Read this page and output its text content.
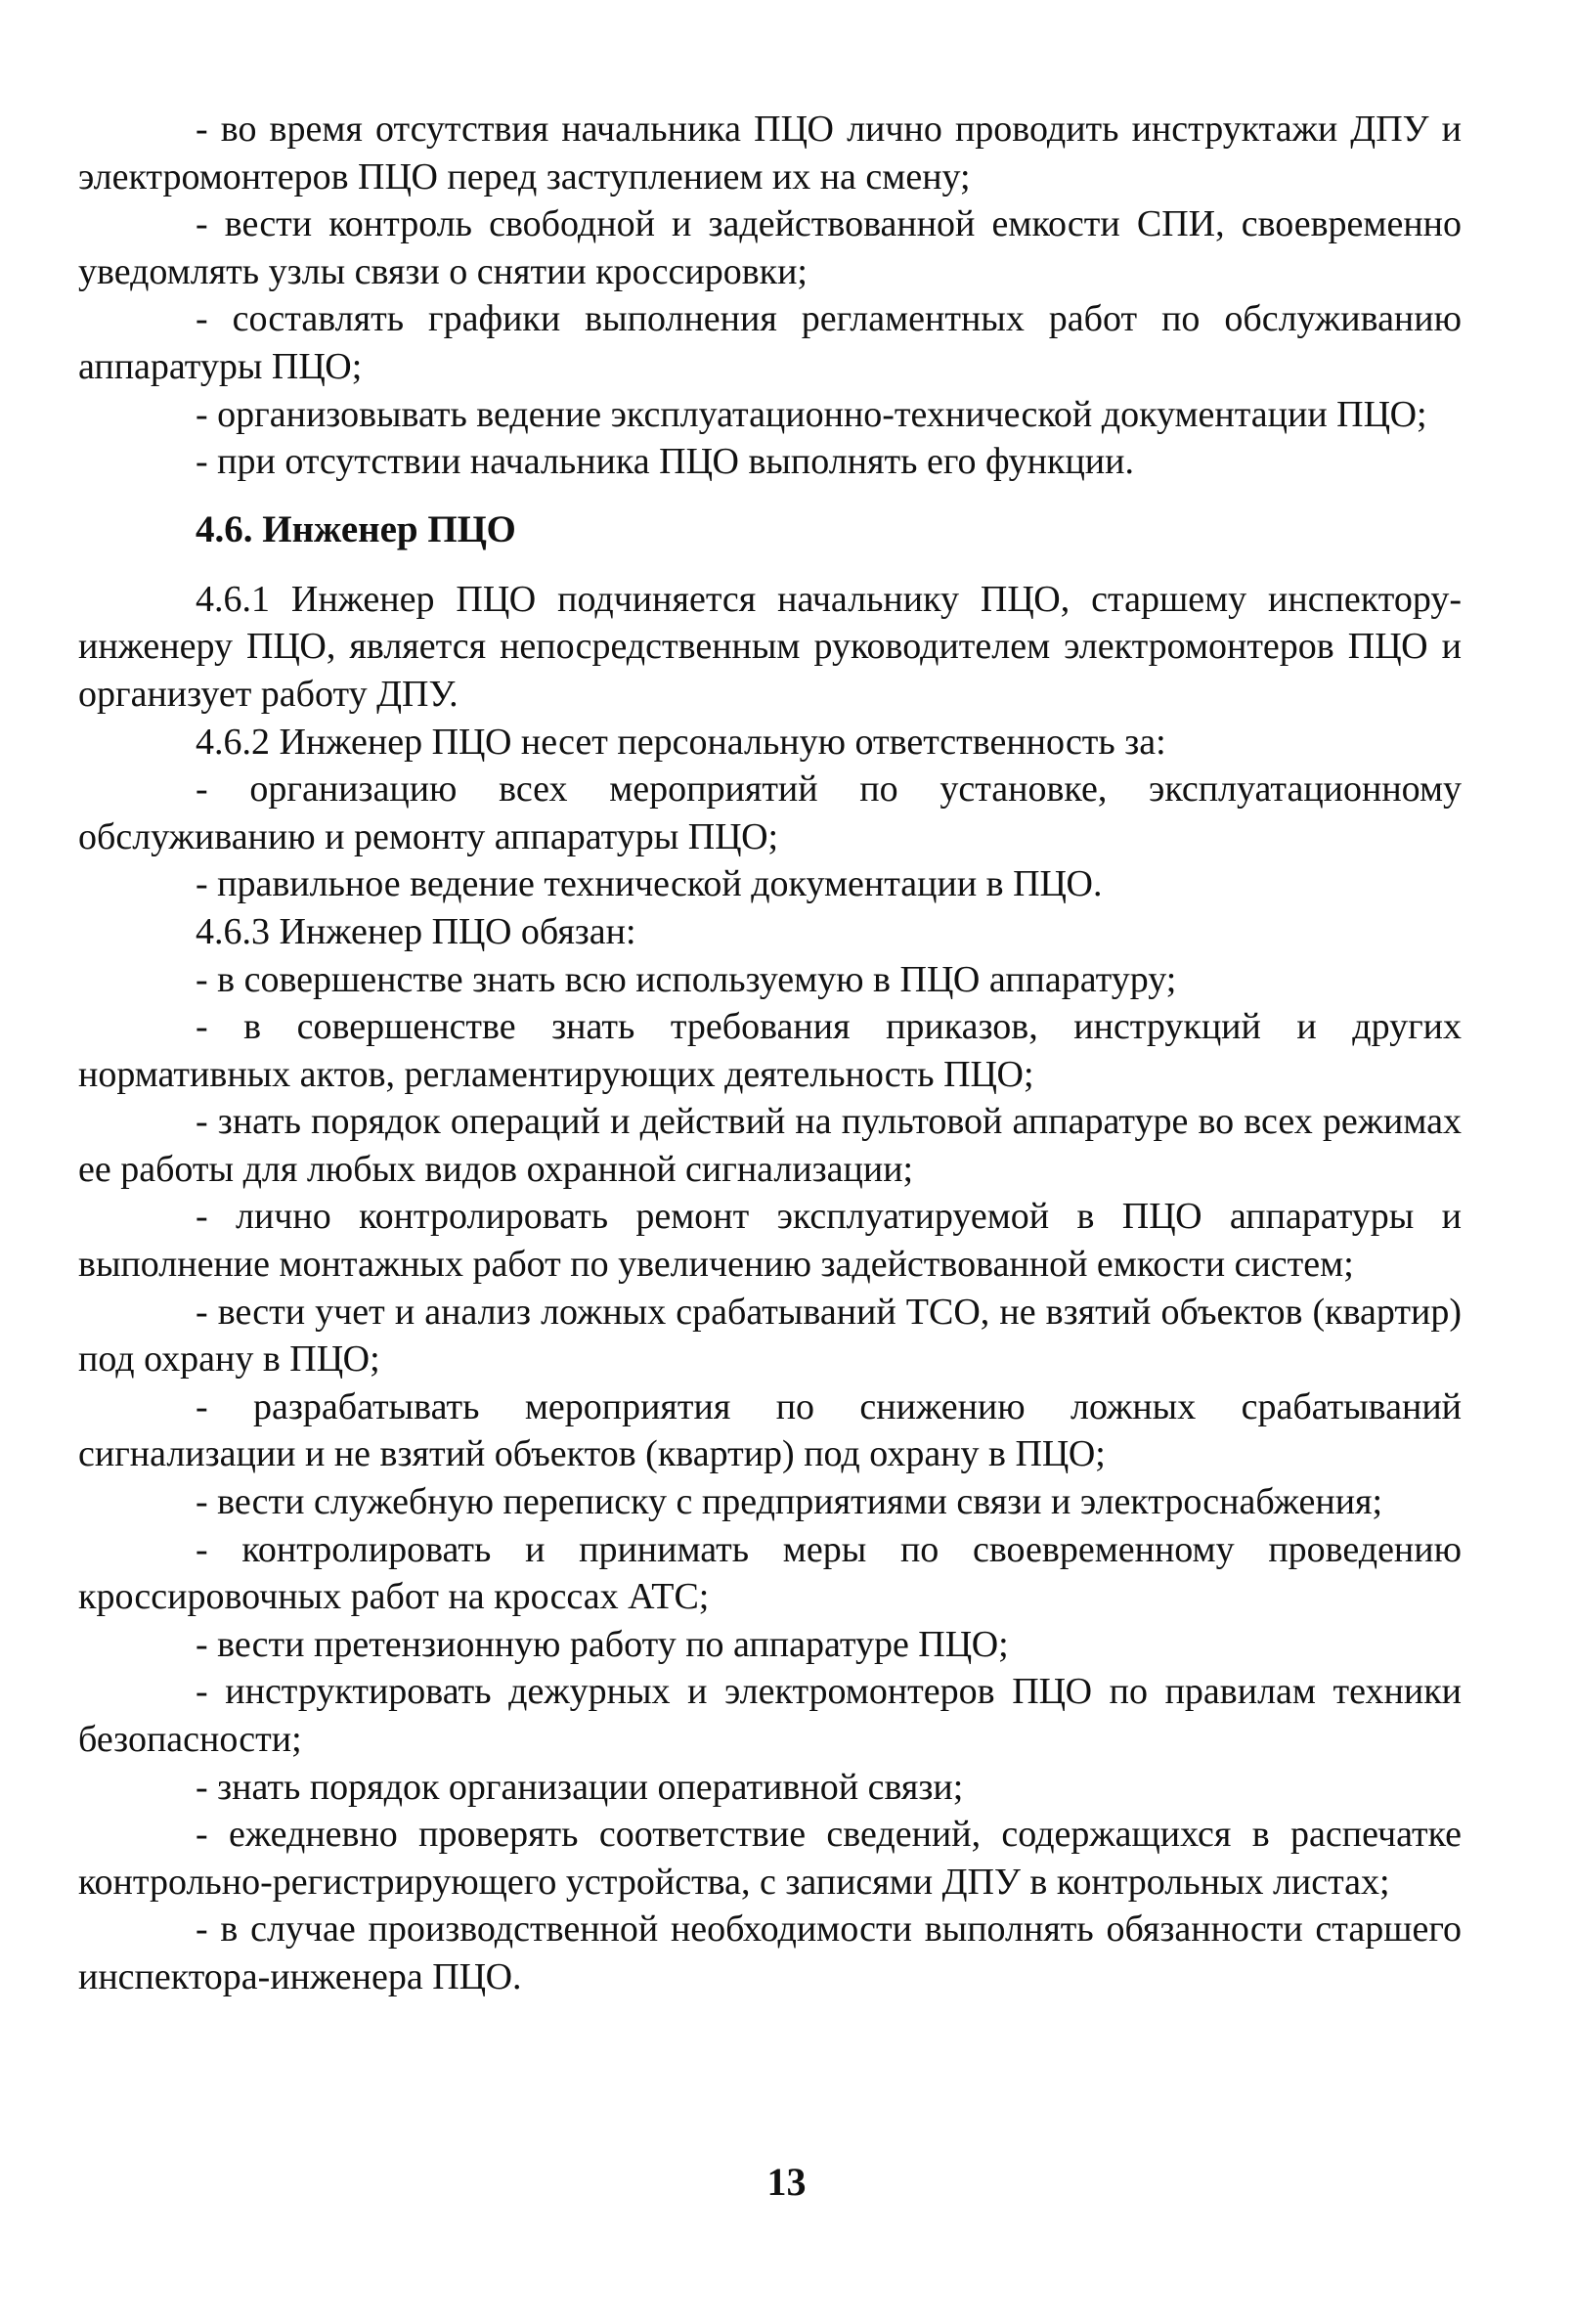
- во время отсутствия начальника ПЦО лично проводить инструктажи ДПУ и электромонтеров ПЦО перед заступлением их на смену;

- вести контроль свободной и задействованной емкости СПИ, своевременно уведомлять узлы связи о снятии кроссировки;

- составлять графики выполнения регламентных работ по обслуживанию аппаратуры ПЦО;

- организовывать ведение эксплуатационно-технической документации ПЦО;

- при отсутствии начальника ПЦО выполнять его функции.

4.6. Инженер ПЦО

4.6.1 Инженер ПЦО подчиняется начальнику ПЦО, старшему инспектору-инженеру ПЦО, является непосредственным руководителем электромонтеров ПЦО и организует работу ДПУ.

4.6.2 Инженер ПЦО несет персональную ответственность за:

- организацию всех мероприятий по установке, эксплуатационному обслуживанию и ремонту аппаратуры ПЦО;

- правильное ведение технической документации в ПЦО.

4.6.3 Инженер ПЦО обязан:

- в совершенстве знать всю используемую в ПЦО аппаратуру;

- в совершенстве знать требования приказов, инструкций и других нормативных актов, регламентирующих деятельность ПЦО;

- знать порядок операций и действий на пультовой аппаратуре во всех режимах ее работы для любых видов охранной сигнализации;

- лично контролировать ремонт эксплуатируемой в ПЦО аппаратуры и выполнение монтажных работ по увеличению задействованной емкости систем;

- вести учет и анализ ложных срабатываний ТСО, не взятий объектов (квартир) под охрану в ПЦО;

- разрабатывать мероприятия по снижению ложных срабатываний сигнализации и не взятий объектов (квартир) под охрану в ПЦО;

- вести служебную переписку с предприятиями связи и электроснабжения;

- контролировать и принимать меры по своевременному проведению кроссировочных работ на кроссах АТС;

- вести претензионную работу по аппаратуре ПЦО;

- инструктировать дежурных и электромонтеров ПЦО по правилам техники безопасности;

- знать порядок организации оперативной связи;

- ежедневно проверять соответствие сведений, содержащихся в распечатке контрольно-регистрирующего устройства, с записями ДПУ в контрольных листах;

- в случае производственной необходимости выполнять обязанности старшего инспектора-инженера ПЦО.

13
